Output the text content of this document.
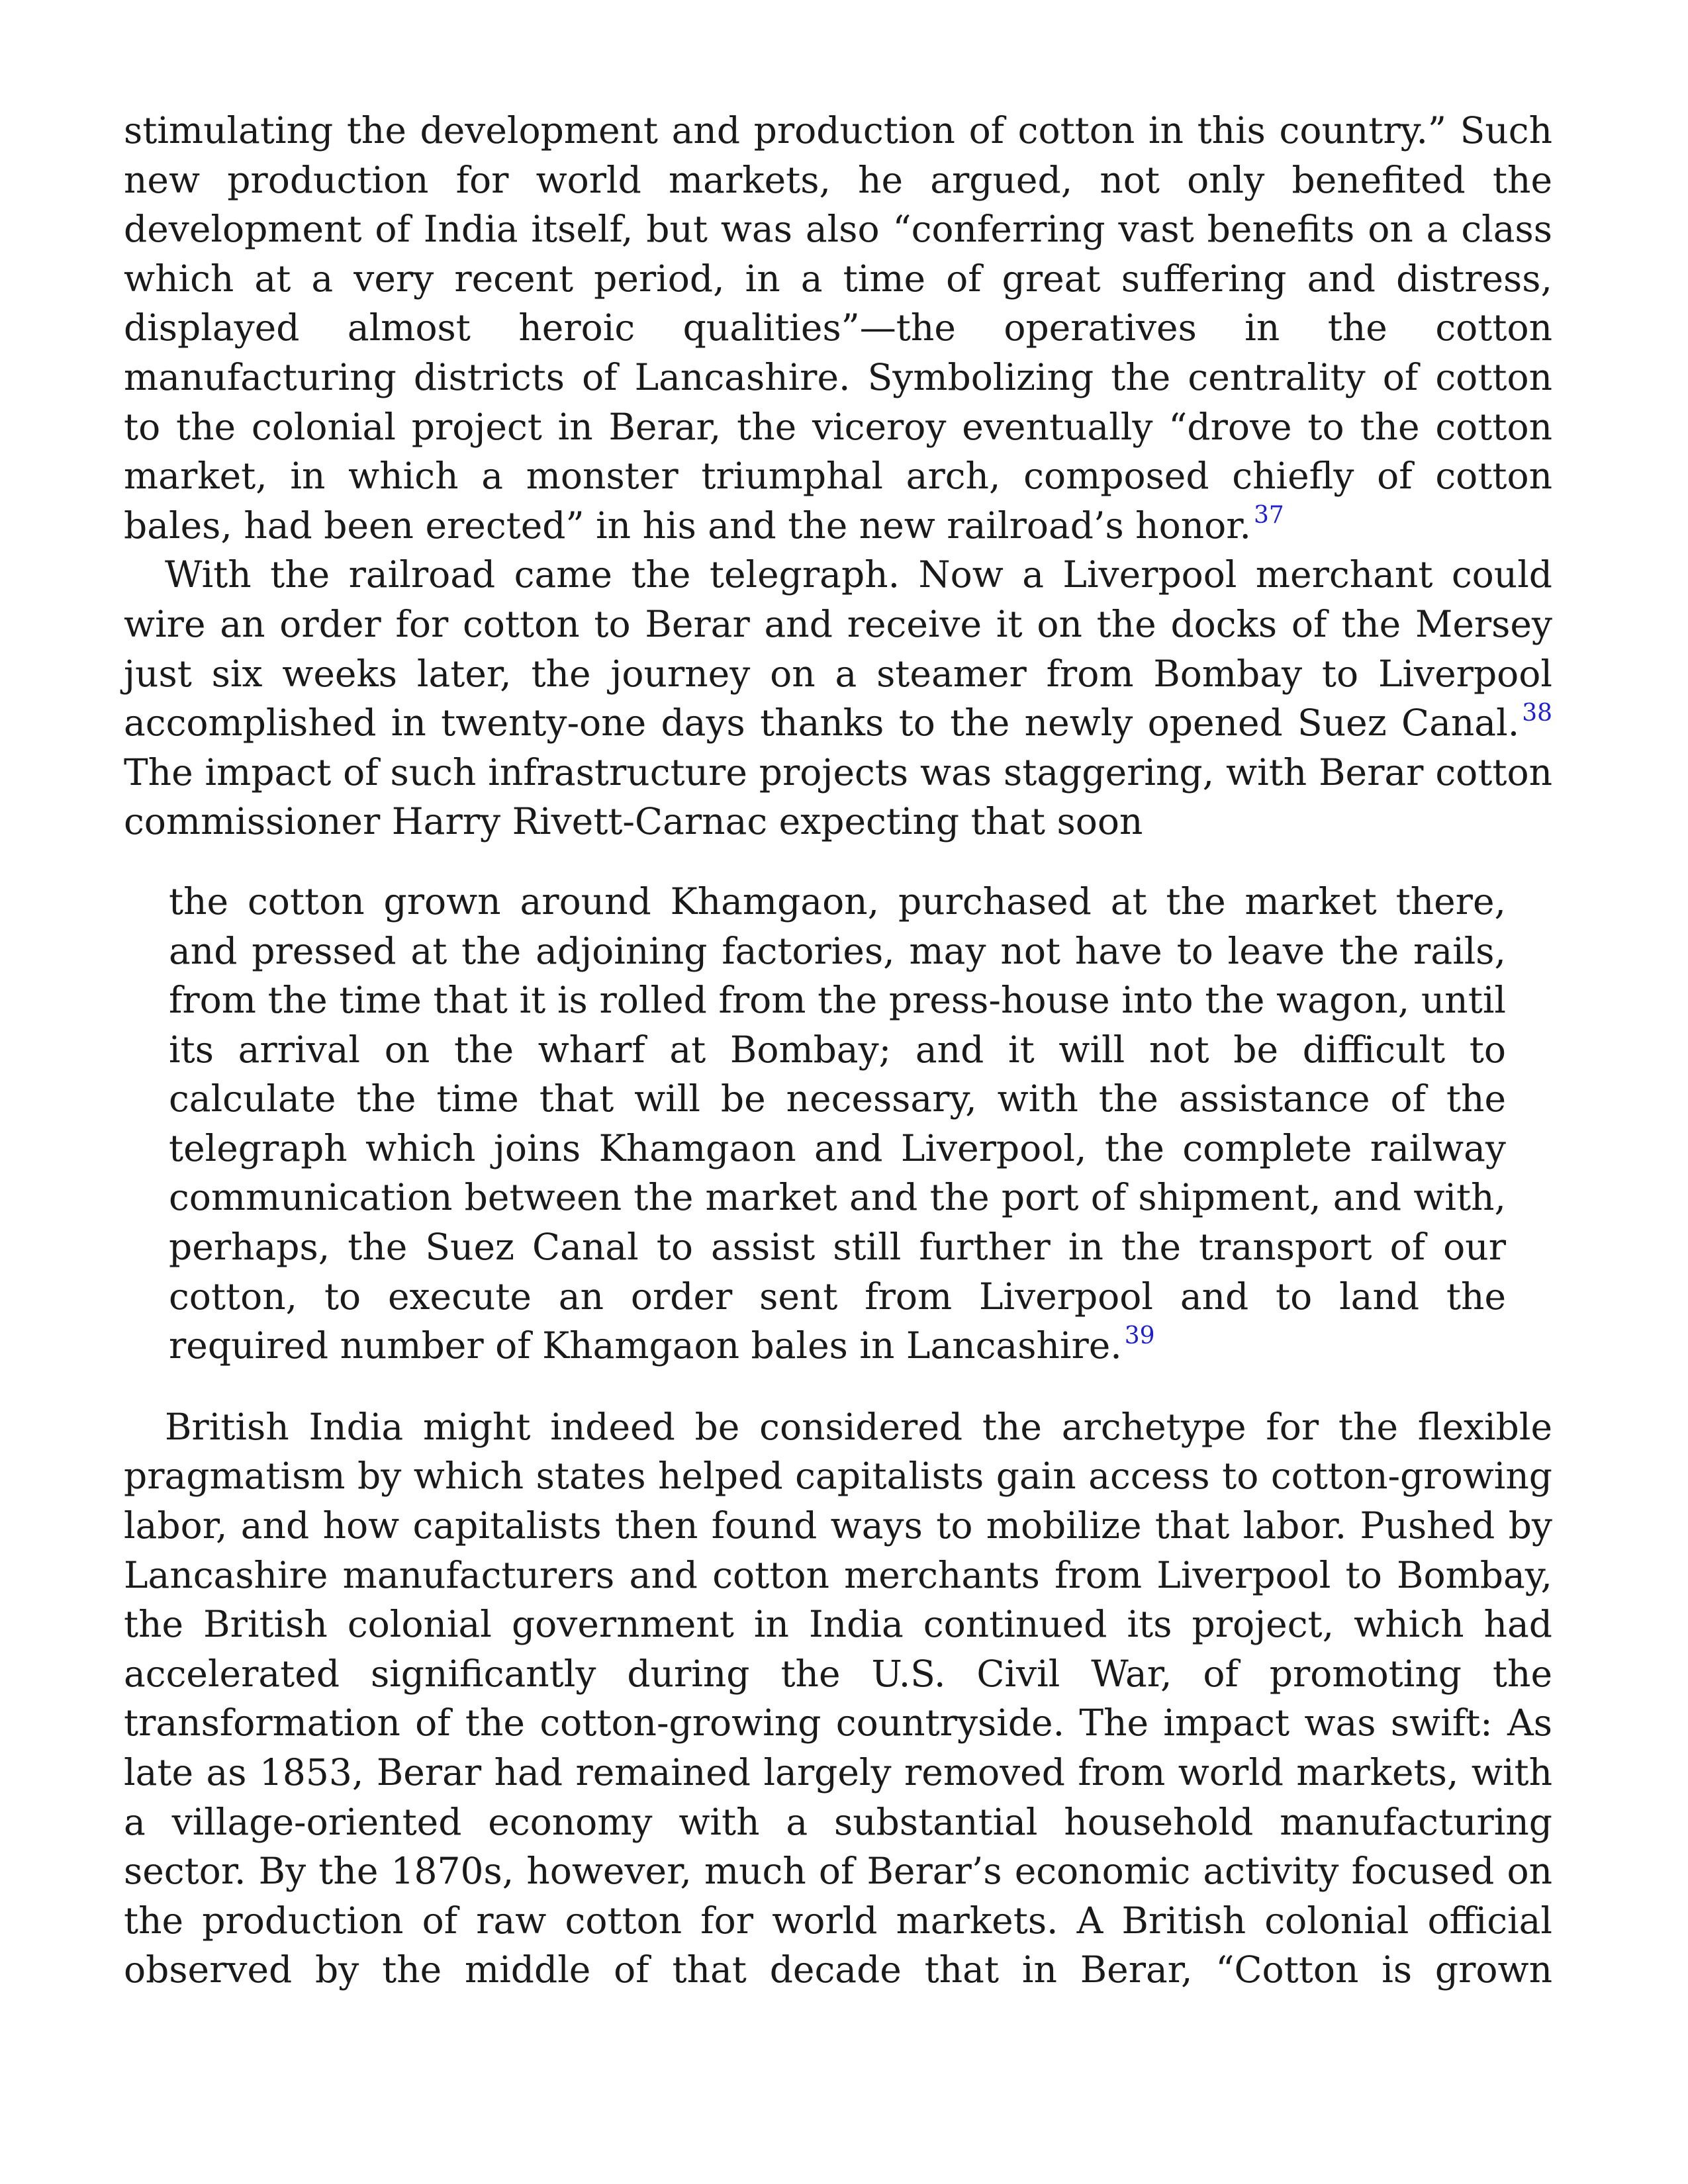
stimulating the development and production of cotton in this country.” Such new production for world markets, he argued, not only benefited the development of India itself, but was also “conferring vast benefits on a class which at a very recent period, in a time of great suffering and distress, displayed almost heroic qualities”—the operatives in the cotton manufacturing districts of Lancashire. Symbolizing the centrality of cotton to the colonial project in Berar, the viceroy eventually “drove to the cotton market, in which a monster triumphal arch, composed chiefly of cotton bales, had been erected” in his and the new railroad’s honor. $^{37}$

With the railroad came the telegraph. Now a Liverpool merchant could wire an order for cotton to Berar and receive it on the docks of the Mersey just six weeks later, the journey on a steamer from Bombay to Liverpool accomplished in twenty-one days thanks to the newly opened Suez Canal. $^{38}$ The impact of such infrastructure projects was staggering, with Berar cotton commissioner Harry Rivett-Carnac expecting that soon

the cotton grown around Khamgaon, purchased at the market there, and pressed at the adjoining factories, may not have to leave the rails, from the time that it is rolled from the press-house into the wagon, until its arrival on the wharf at Bombay; and it will not be difficult to calculate the time that will be necessary, with the assistance of the telegraph which joins Khamgaon and Liverpool, the complete railway communication between the market and the port of shipment, and with, perhaps, the Suez Canal to assist still further in the transport of our cotton, to execute an order sent from Liverpool and to land the required number of Khamgaon bales in Lancashire. $^{39}$

British India might indeed be considered the archetype for the flexible pragmatism by which states helped capitalists gain access to cotton-growing labor, and how capitalists then found ways to mobilize that labor. Pushed by Lancashire manufacturers and cotton merchants from Liverpool to Bombay, the British colonial government in India continued its project, which had accelerated significantly during the U.S. Civil War, of promoting the transformation of the cotton-growing countryside. The impact was swift: As late as 1853, Berar had remained largely removed from world markets, with a village-oriented economy with a substantial household manufacturing sector. By the 1870s, however, much of Berar’s economic activity focused on the production of raw cotton for world markets. A British colonial official observed by the middle of that decade that in Berar, “Cotton is grown
